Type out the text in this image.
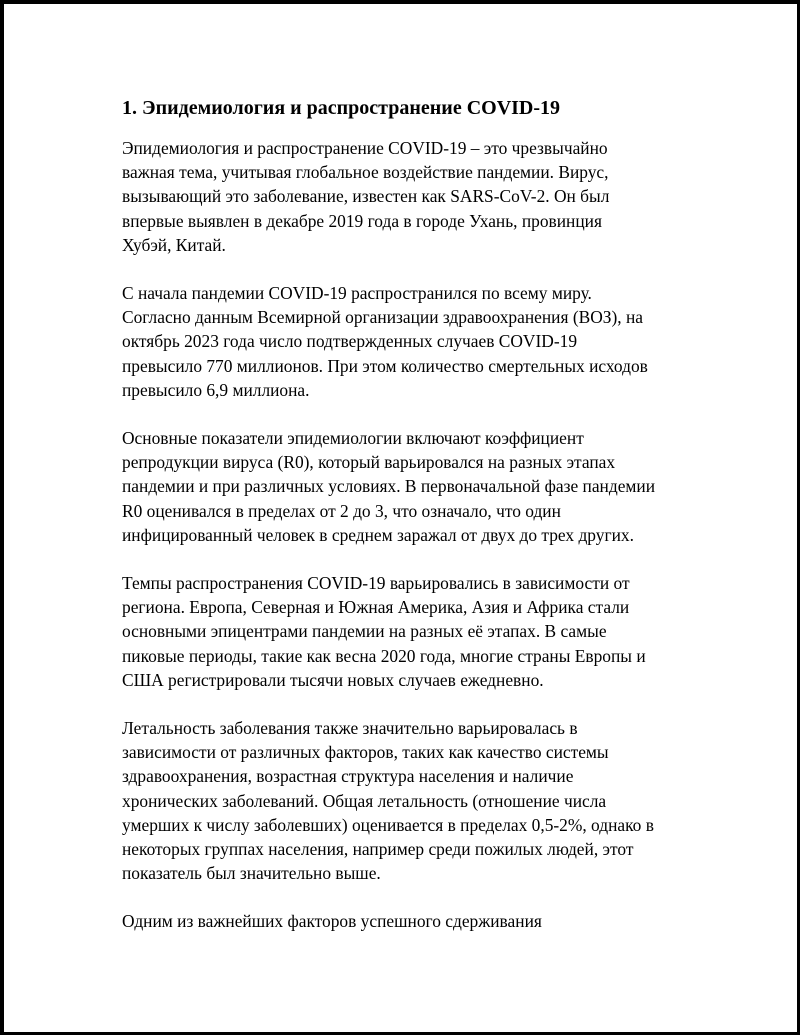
1. Эпидемиология и распространение COVID-19
Эпидемиология и распространение COVID-19 – это чрезвычайно
важная тема, учитывая глобальное воздействие пандемии. Вирус,
вызывающий это заболевание, известен как SARS-CoV-2. Он был
впервые выявлен в декабре 2019 года в городе Ухань, провинция
Хубэй, Китай.
С начала пандемии COVID-19 распространился по всему миру.
Согласно данным Всемирной организации здравоохранения (ВОЗ), на
октябрь 2023 года число подтвержденных случаев COVID-19
превысило 770 миллионов. При этом количество смертельных исходов
превысило 6,9 миллиона.
Основные показатели эпидемиологии включают коэффициент
репродукции вируса (R0), который варьировался на разных этапах
пандемии и при различных условиях. В первоначальной фазе пандемии
R0 оценивался в пределах от 2 до 3, что означало, что один
инфицированный человек в среднем заражал от двух до трех других.
Темпы распространения COVID-19 варьировались в зависимости от
региона. Европа, Северная и Южная Америка, Азия и Африка стали
основными эпицентрами пандемии на разных её этапах. В самые
пиковые периоды, такие как весна 2020 года, многие страны Европы и
США регистрировали тысячи новых случаев ежедневно.
Летальность заболевания также значительно варьировалась в
зависимости от различных факторов, таких как качество системы
здравоохранения, возрастная структура населения и наличие
хронических заболеваний. Общая летальность (отношение числа
умерших к числу заболевших) оценивается в пределах 0,5-2%, однако в
некоторых группах населения, например среди пожилых людей, этот
показатель был значительно выше.
Одним из важнейших факторов успешного сдерживания
